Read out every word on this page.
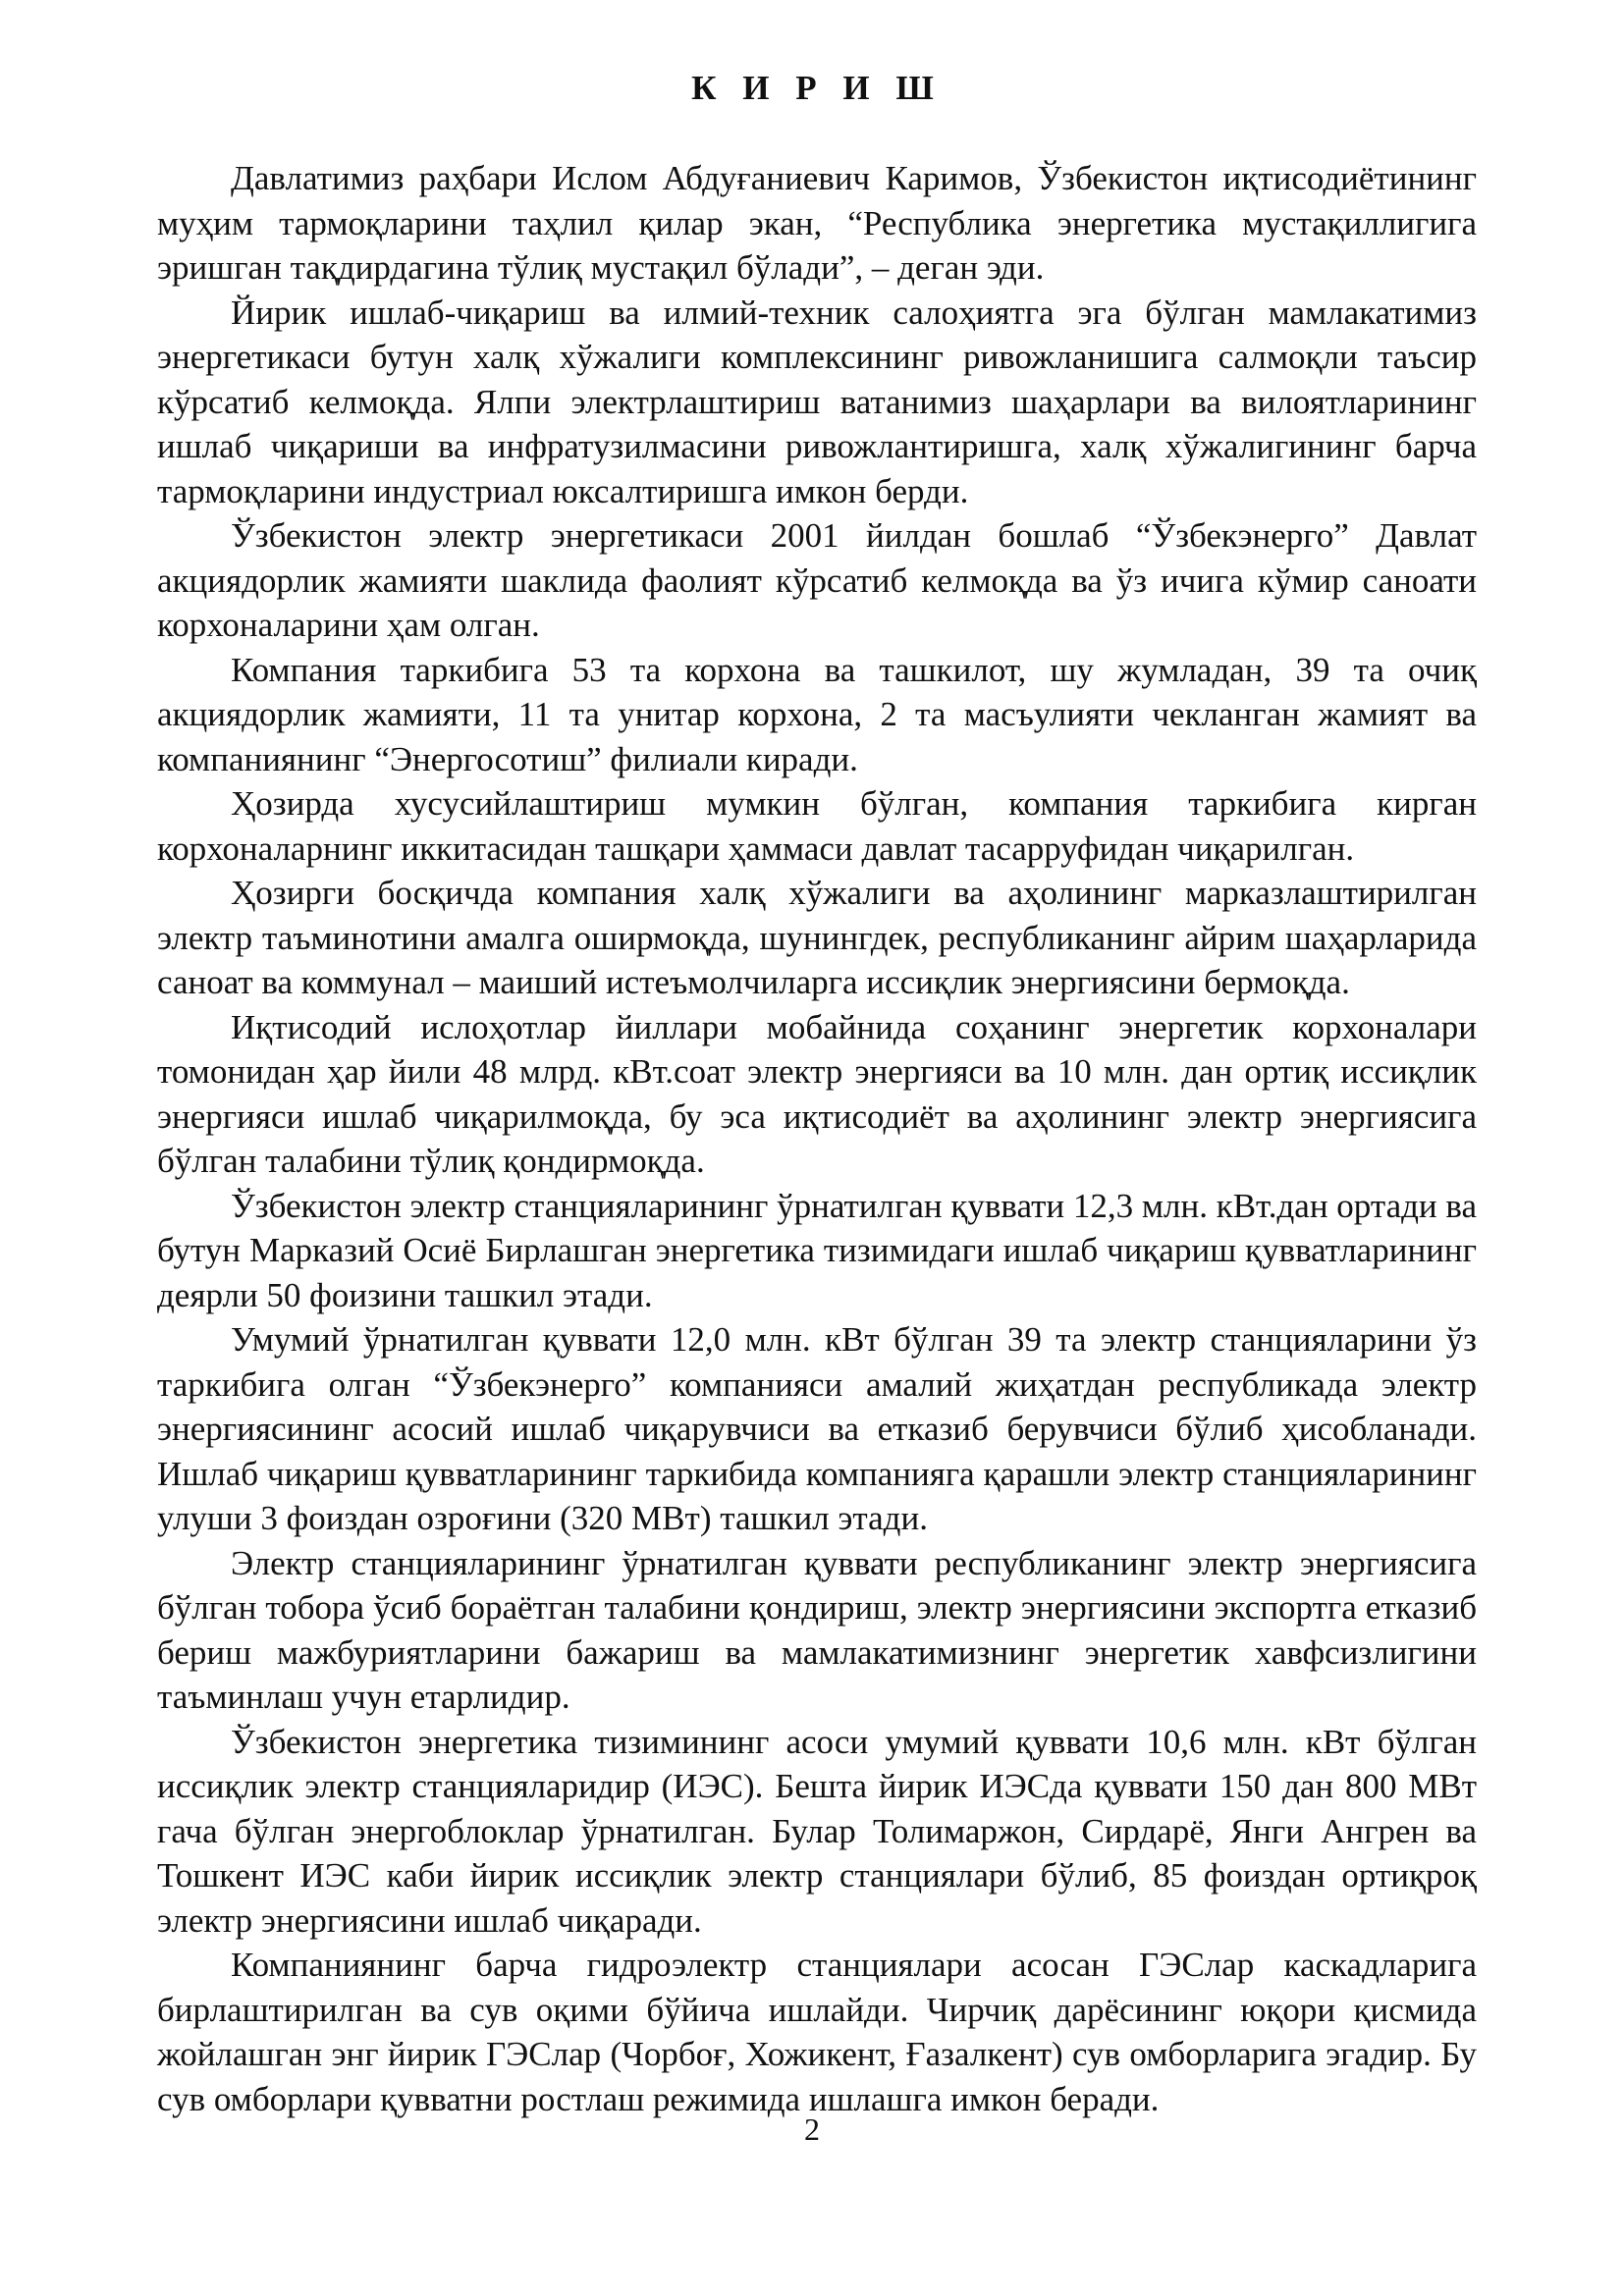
К И Р И Ш

Давлатимиз раҳбари Ислом Абдуғаниевич Каримов, Ўзбекистон иқтисодиётининг муҳим тармоқларини таҳлил қилар экан, “Республика энергетика мустақиллигига эришган тақдирдагина тўлиқ мустақил бўлади”, – деган эди.

Йирик ишлаб-чиқариш ва илмий-техник салоҳиятга эга бўлган мамлакатимиз энергетикаси бутун халқ хўжалиги комплексининг ривожланишига салмоқли таъсир кўрсатиб келмоқда. Ялпи электрлаштириш ватанимиз шаҳарлари ва вилоятларининг ишлаб чиқариши ва инфратузилмасини ривожлантиришга, халқ хўжалигининг барча тармоқларини индустриал юксалтиришга имкон берди.

Ўзбекистон электр энергетикаси 2001 йилдан бошлаб “Ўзбекэнерго” Давлат акциядорлик жамияти шаклида фаолият кўрсатиб келмоқда ва ўз ичига кўмир саноати корхоналарини ҳам олган.

Компания таркибига 53 та корхона ва ташкилот, шу жумладан, 39 та очиқ акциядорлик жамияти, 11 та унитар корхона, 2 та масъулияти чекланган жамият ва компаниянинг “Энергосотиш” филиали киради.

Ҳозирда хусусийлаштириш мумкин бўлган, компания таркибига кирган корхоналарнинг иккитасидан ташқари ҳаммаси давлат тасарруфидан чиқарилган.

Ҳозирги босқичда компания халқ хўжалиги ва аҳолининг марказлаштирилган электр таъминотини амалга оширмоқда, шунингдек, республиканинг айрим шаҳарларида саноат ва коммунал – маиший истеъмолчиларга иссиқлик энергиясини бермоқда.

Иқтисодий ислоҳотлар йиллари мобайнида соҳанинг энергетик корхоналари томонидан ҳар йили 48 млрд. кВт.соат электр энергияси ва 10 млн. дан ортиқ иссиқлик энергияси ишлаб чиқарилмоқда, бу эса иқтисодиёт ва аҳолининг электр энергиясига бўлган талабини тўлиқ қондирмоқда.

Ўзбекистон электр станцияларининг ўрнатилган қуввати 12,3 млн. кВт.дан ортади ва бутун Марказий Осиё Бирлашган энергетика тизимидаги ишлаб чиқариш қувватларининг деярли 50 фоизини ташкил этади.

Умумий ўрнатилган қуввати 12,0 млн. кВт бўлган 39 та электр станцияларини ўз таркибига олган “Ўзбекэнерго” компанияси амалий жиҳатдан республикада электр энергиясининг асосий ишлаб чиқарувчиси ва етказиб берувчиси бўлиб ҳисобланади. Ишлаб чиқариш қувватларининг таркибида компанияга қарашли электр станцияларининг улуши 3 фоиздан озроғини (320 МВт) ташкил этади.

Электр станцияларининг ўрнатилган қуввати республиканинг электр энергиясига бўлган тобора ўсиб бораётган талабини қондириш, электр энергиясини экспортга етказиб бериш мажбуриятларини бажариш ва мамлакатимизнинг энергетик хавфсизлигини таъминлаш учун етарлидир.

Ўзбекистон энергетика тизимининг асоси умумий қуввати 10,6 млн. кВт бўлган иссиқлик электр станцияларидир (ИЭС). Бешта йирик ИЭСда қуввати 150 дан 800 МВт гача бўлган энергоблоклар ўрнатилган. Булар Толимаржон, Сирдарё, Янги Ангрен ва Тошкент ИЭС каби йирик иссиқлик электр станциялари бўлиб, 85 фоиздан ортиқроқ электр энергиясини ишлаб чиқаради.

Компаниянинг барча гидроэлектр станциялари асосан ГЭСлар каскадларига бирлаштирилган ва сув оқими бўйича ишлайди. Чирчиқ дарёсининг юқори қисмида жойлашган энг йирик ГЭСлар (Чорбоғ, Хожикент, Ғазалкент) сув омборларига эгадир. Бу сув омборлари қувватни ростлаш режимида ишлашга имкон беради.

2
